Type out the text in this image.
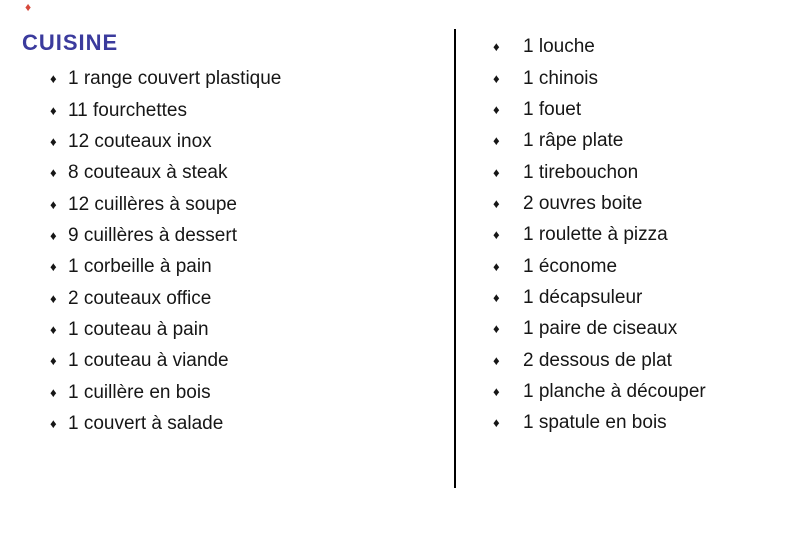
♦
CUISINE
♦ 1 range couvert plastique
♦ 11 fourchettes
♦ 12 couteaux inox
♦ 8 couteaux à steak
♦ 12 cuillères à soupe
♦ 9 cuillères à dessert
♦ 1 corbeille à pain
♦ 2 couteaux office
♦ 1 couteau à pain
♦ 1 couteau à viande
♦ 1 cuillère en bois
♦ 1 couvert à salade
♦	1 louche
♦	1 chinois
♦	1 fouet
♦	1 râpe plate
♦	1 tirebouchon
♦	2 ouvres boite
♦	1 roulette à pizza
♦	1 économe
♦	1 décapsuleur
♦	1 paire de ciseaux
♦	2 dessous de plat
♦	1 planche à découper
♦	1 spatule en bois
